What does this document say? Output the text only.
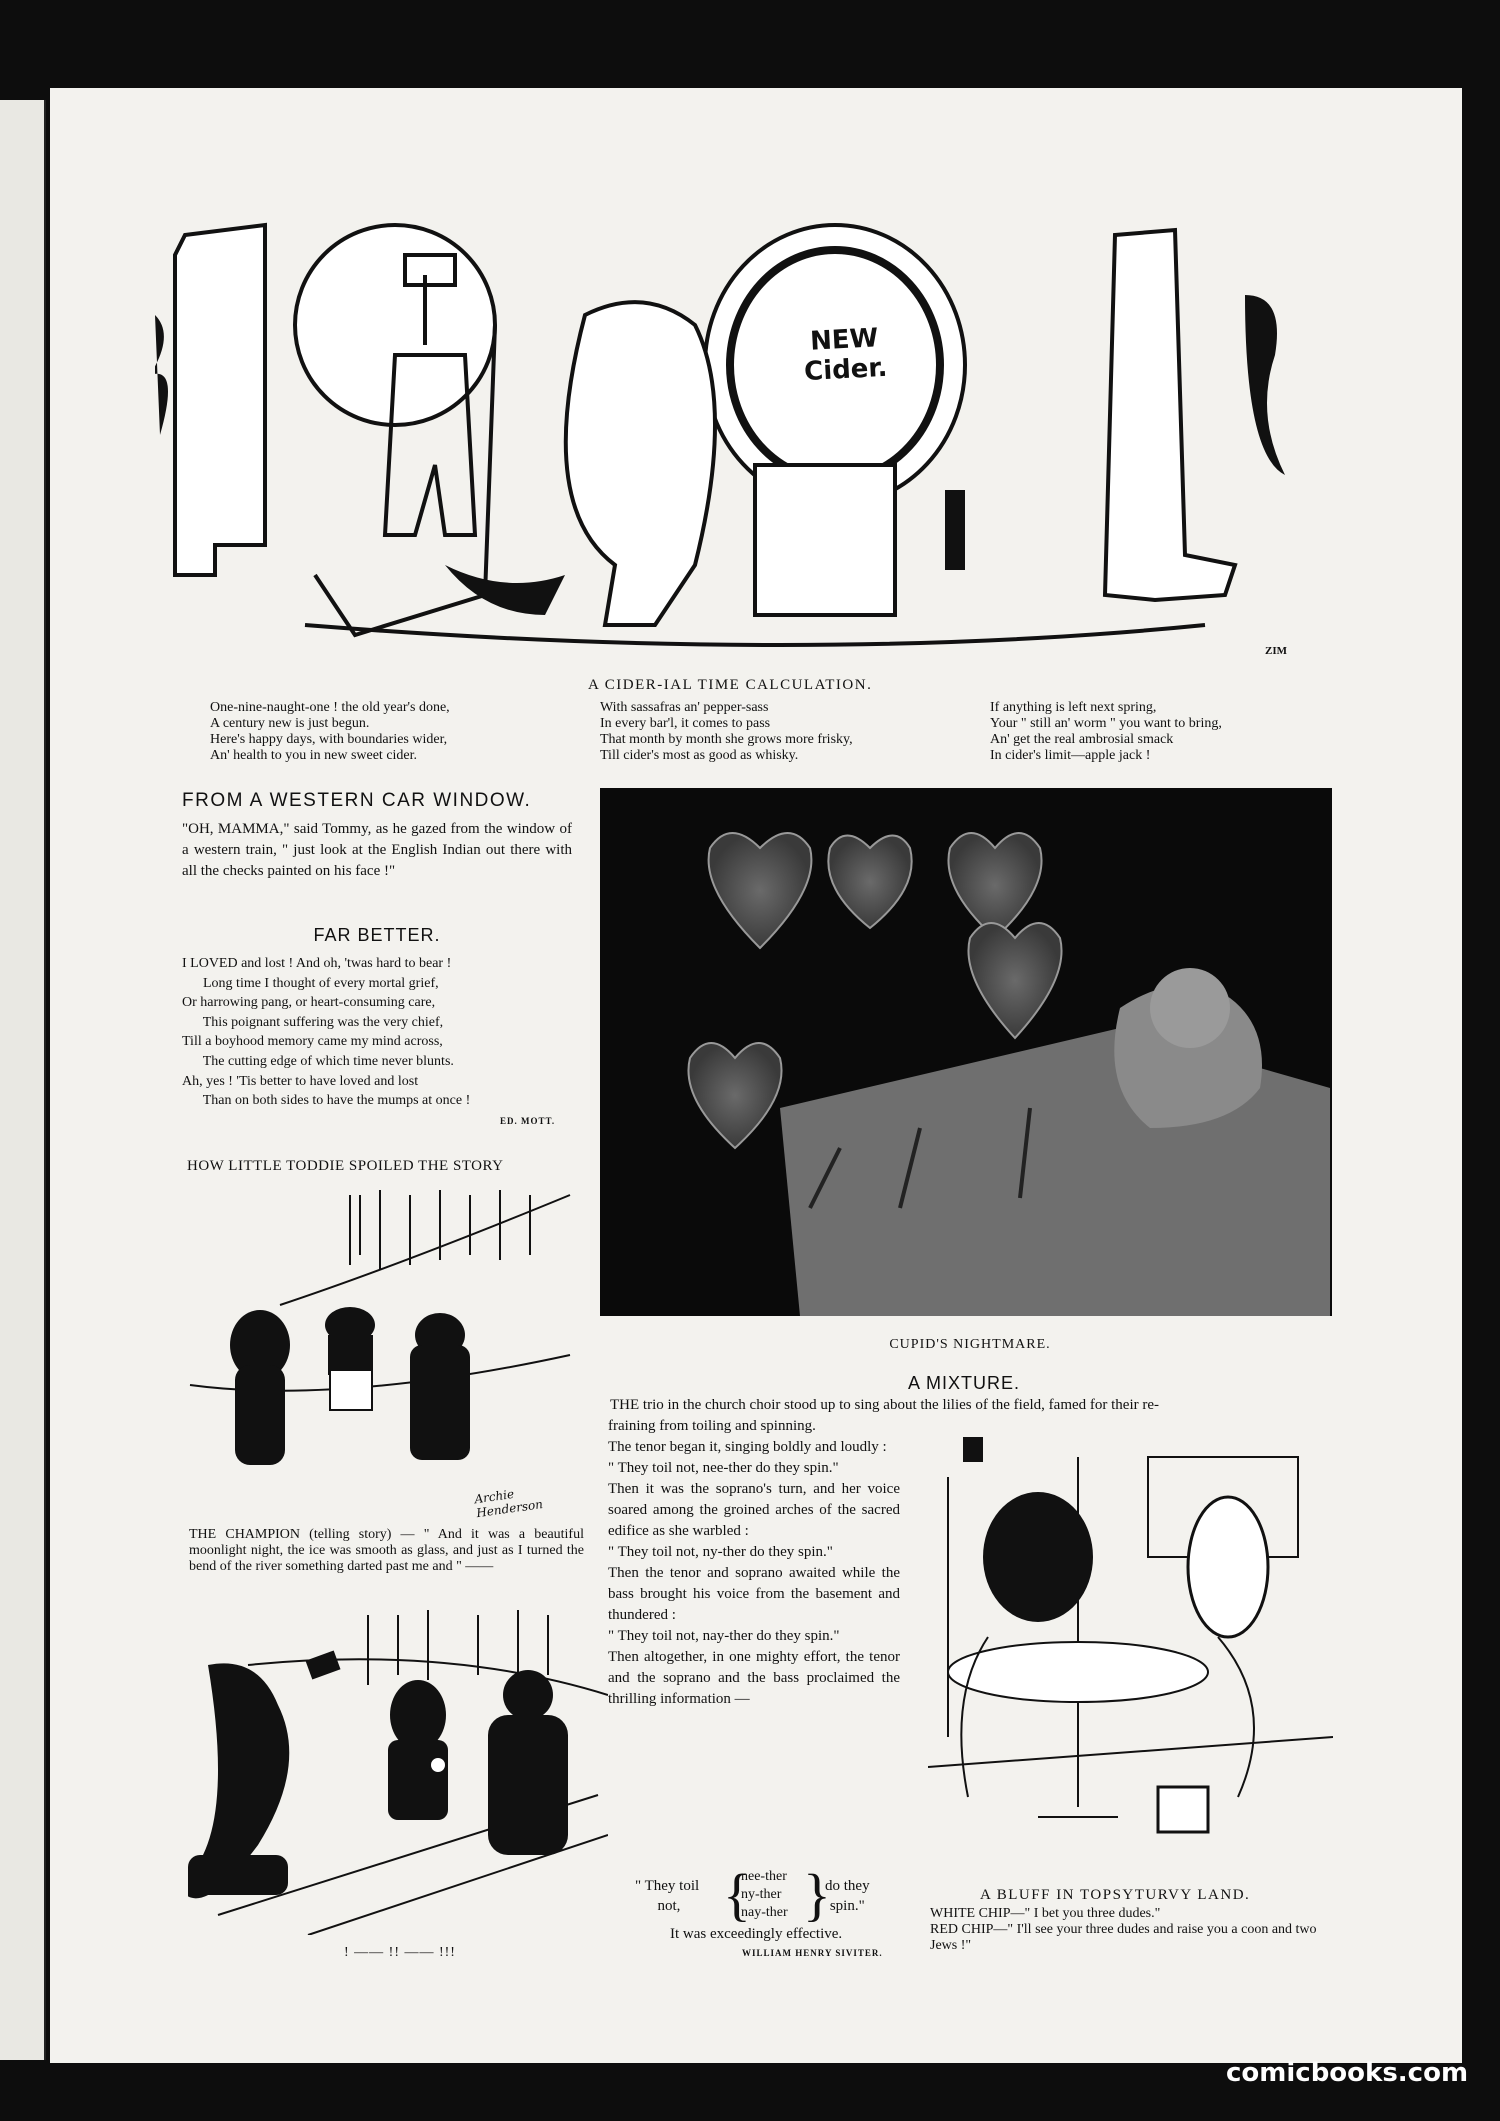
NEW Cider.
ZIM
A CIDER-IAL TIME CALCULATION.
One-nine-naught-one ! the old year's done,
A century new is just begun.
Here's happy days, with boundaries wider,
An' health to you in new sweet cider.
With sassafras an' pepper-sass
In every bar'l, it comes to pass
That month by month she grows more frisky,
Till cider's most as good as whisky.
If anything is left next spring,
Your " still an' worm " you want to bring,
An' get the real ambrosial smack
In cider's limit—apple jack !
FROM A WESTERN CAR WINDOW.
"OH, MAMMA," said Tommy, as he gazed from the window of a western train, " just look at the English Indian out there with all the checks painted on his face !"
FAR BETTER.
I LOVED and lost ! And oh, 'twas hard to bear !
Long time I thought of every mortal grief,
Or harrowing pang, or heart-consuming care,
This poignant suffering was the very chief,
Till a boyhood memory came my mind across,
The cutting edge of which time never blunts.
Ah, yes ! 'Tis better to have loved and lost
Than on both sides to have the mumps at once !
ED. MOTT.
HOW LITTLE TODDIE SPOILED THE STORY
Archie Henderson
THE CHAMPION (telling story) — " And it was a beautiful moonlight night, the ice was smooth as glass, and just as I turned the bend of the river something darted past me and " ——
! —— !! —— !!!
CUPID'S NIGHTMARE.
A MIXTURE.
THE trio in the church choir stood up to sing about the lilies of the field, famed for their re-
fraining from toiling and spinning.
The tenor began it, singing boldly and loudly :
" They toil not, nee-ther do they spin."
Then it was the soprano's turn, and her voice soared among the groined arches of the sacred edifice as she warbled :
" They toil not, ny-ther do they spin."
Then the tenor and soprano awaited while the bass brought his voice from the basement and thundered :
" They toil not, nay-ther do they spin."
Then altogether, in one mighty effort, the tenor and the soprano and the bass proclaimed the thrilling information —
" They toil
not, {
nee-ther
ny-ther
nay-ther }
do they
spin."
It was exceedingly effective.
WILLIAM HENRY SIVITER.
A BLUFF IN TOPSYTURVY LAND.
WHITE CHIP—" I bet you three dudes."
RED CHIP—" I'll see your three dudes and raise you a coon and two Jews !"
comicbooks.com
